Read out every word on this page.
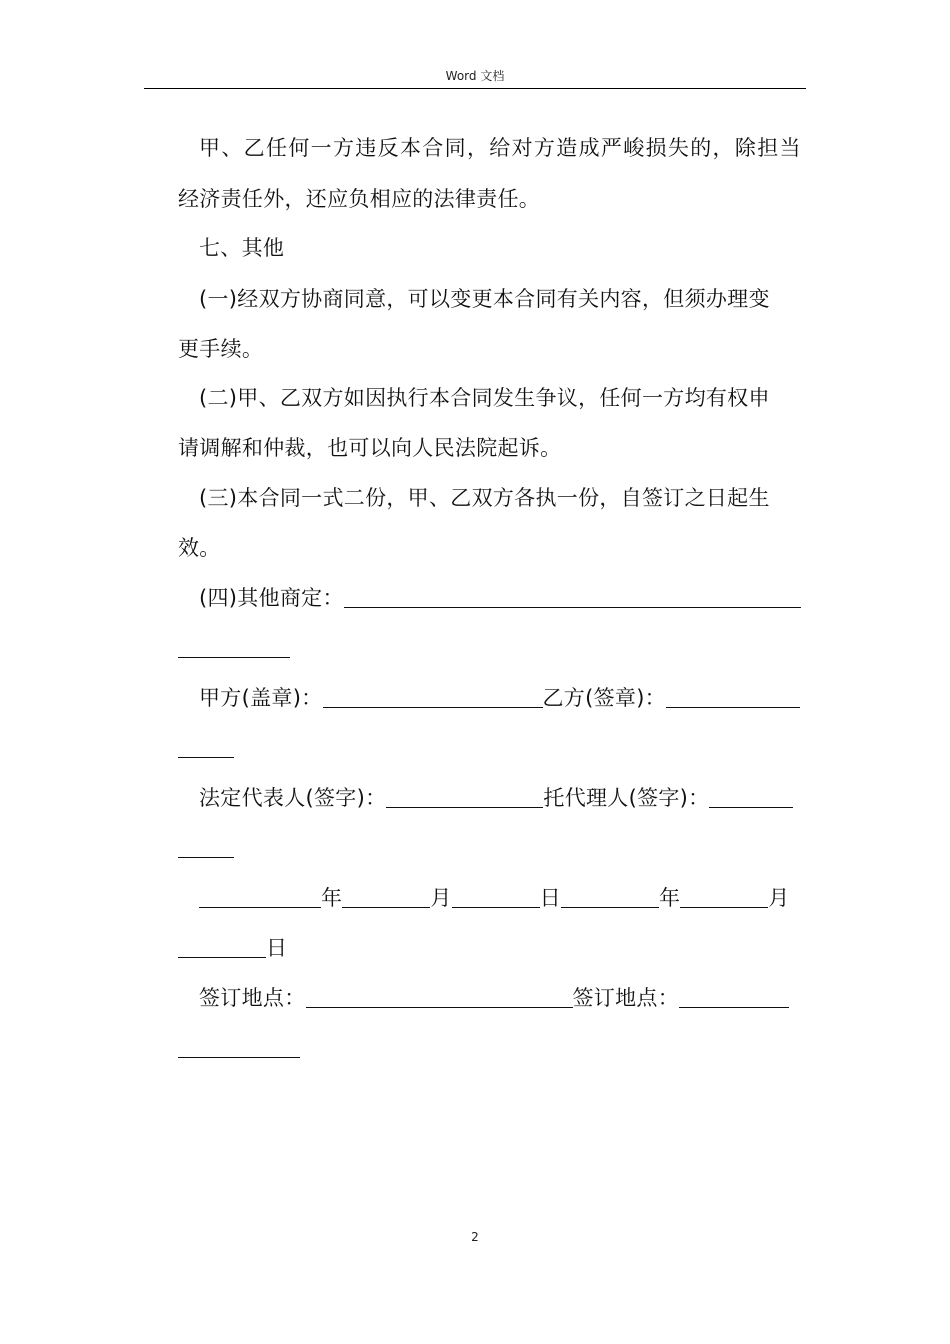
Word 文档
甲 、 乙 任 何 一 方 违 反 本 合 同 ， 给 对 方 造 成 严 峻 损 失 的 ， 除 担 当
经济责任外，还应负相应的法律责任。
七、其他
(一)经双方协商同意，可以变更本合同有关内容，但须办理变
更手续。
(二)甲、乙双方如因执行本合同发生争议，任何一方均有权申
请调解和仲裁，也可以向人民法院起诉。
(三)本合同一式二份，甲、乙双方各执一份，自签订之日起生
效。
(四)其他商定：
甲方(盖章)：	乙方(签章)：
法定代表人(签字)：	托代理人(签字)：
年	月	日	年	月
日
签订地点：	签订地点：
2
